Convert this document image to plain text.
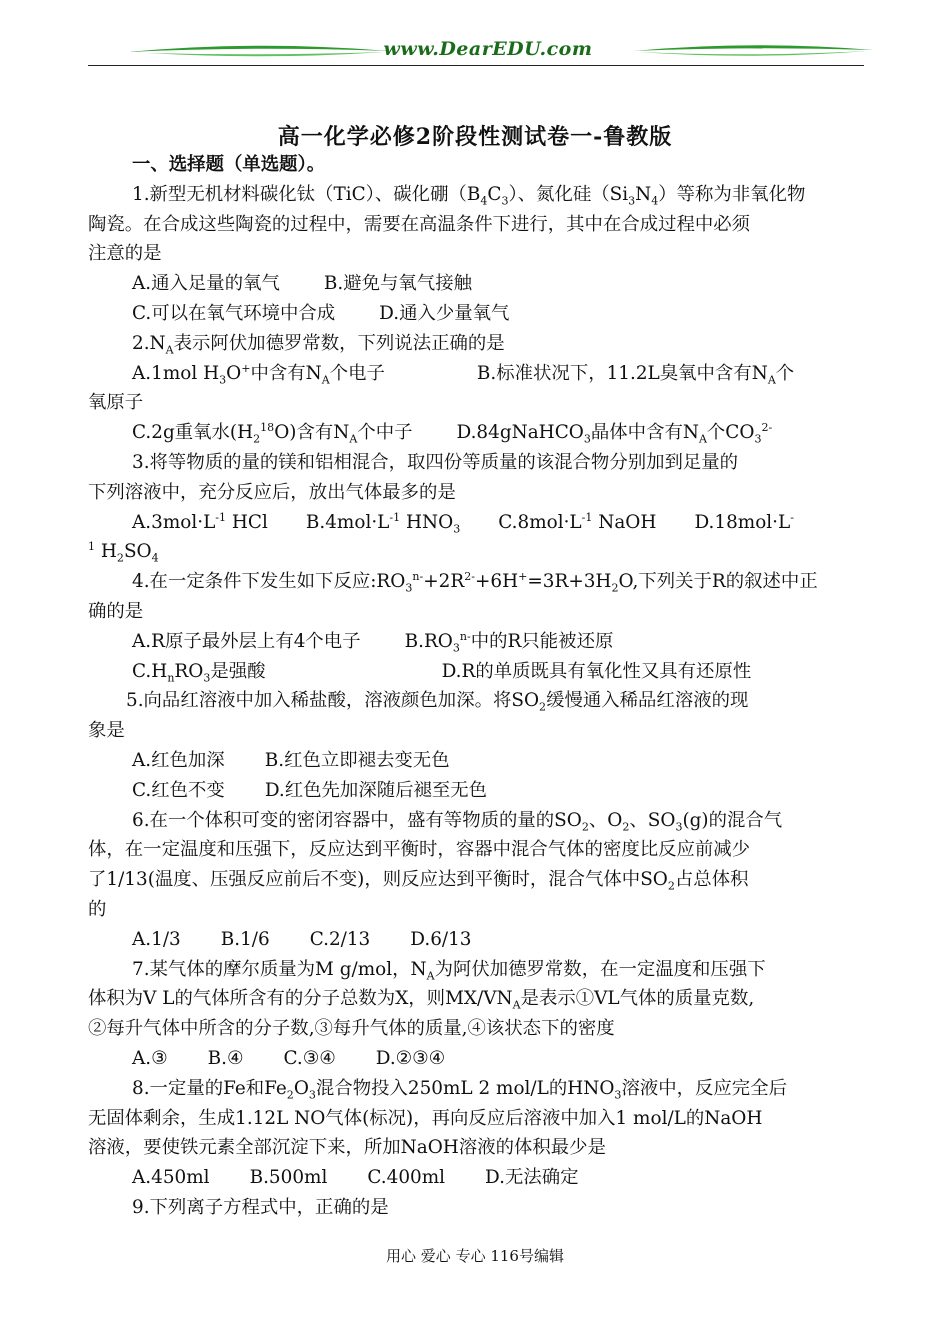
www.DearEDU.com
高一化学必修2阶段性测试卷一-鲁教版
一、选择题（单选题）。
1.新型无机材料碳化钛（TiC）、碳化硼$(B_4C_3)$、氮化硅$(Si_3N_4)$等称为非氧化物
陶瓷。在合成这些陶瓷的过程中，需要在高温条件下进行，其中在合成过程中必须
注意的是
A.通入足量的氧气 B.避免与氧气接触
C.可以在氧气环境中合成 D.通入少量氧气
$2.N_A$表示阿伏加德罗常数，下列说法正确的是
A.1mol $H_3O^+$中含有$N_A$个电子	B.标准状况下，11.2L臭氧中含有$N_A$个
氧原子
C.2g重氧水$(H_2^{18}O)$含有$N_A$个中子 D.84gNaHCO$_3$晶体中含有$N_A$个$CO_3^{2-}$
3.将等物质的量的镁和铝相混合，取四份等质量的该混合物分别加到足量的
下列溶液中，充分反应后，放出气体最多的是
$A.3mol\cdot L^{-1}$ HCl $B.4mol\cdot L^{-1}$ $HNO_3$ $C.8mol\cdot L^{-1}$ NaOH D.18mol·L-
$^1$ $H_2SO_4$
4.在一定条件下发生如下反应$:RO_3^{n-}+2R^{2-}+6H^+=3R+3H_2O$,下列关于R的叙述中正
确的是
A.R原子最外层上有4个电子 $B.RO_3^{n-}$中的R只能被还原
$C.H_nRO_3$是强酸	D.R的单质既具有氧化性又具有还原性
5.向品红溶液中加入稀盐酸，溶液颜色加深。将$SO_2$缓慢通入稀品红溶液的现
象是
A.红色加深 B.红色立即褪去变无色
C.红色不变 D.红色先加深随后褪至无色
6.在一个体积可变的密闭容器中，盛有等物质的量的$SO_2$、$O_2$、$SO_3(g)$的混合气
体，在一定温度和压强下，反应达到平衡时，容器中混合气体的密度比反应前减少
了1/13(温度、压强反应前后不变)，则反应达到平衡时，混合气体中$SO_2$占总体积
的
A.1/3 B.1/6 C.2/13 D.6/13
7.某气体的摩尔质量为M g/mol，$N_A$为阿伏加德罗常数，在一定温度和压强下
体积为V L的气体所含有的分子总数为X，则$MX/VN_A$是表示①VL气体的质量克数,
②每升气体中所含的分子数,③每升气体的质量,④该状态下的密度
A.③ B.④ C.③④ D.②③④
8.一定量的Fe和$Fe_2O_3$混合物投入250mL 2 mol/L的$HNO_3$溶液中，反应完全后
无固体剩余，生成1.12L NO气体(标况)，再向反应后溶液中加入1 mol/L的NaOH
溶液，要使铁元素全部沉淀下来，所加NaOH溶液的体积最少是
A.450ml B.500ml C.400ml D.无法确定
9.下列离子方程式中，正确的是
用心 爱心 专心 116号编辑
